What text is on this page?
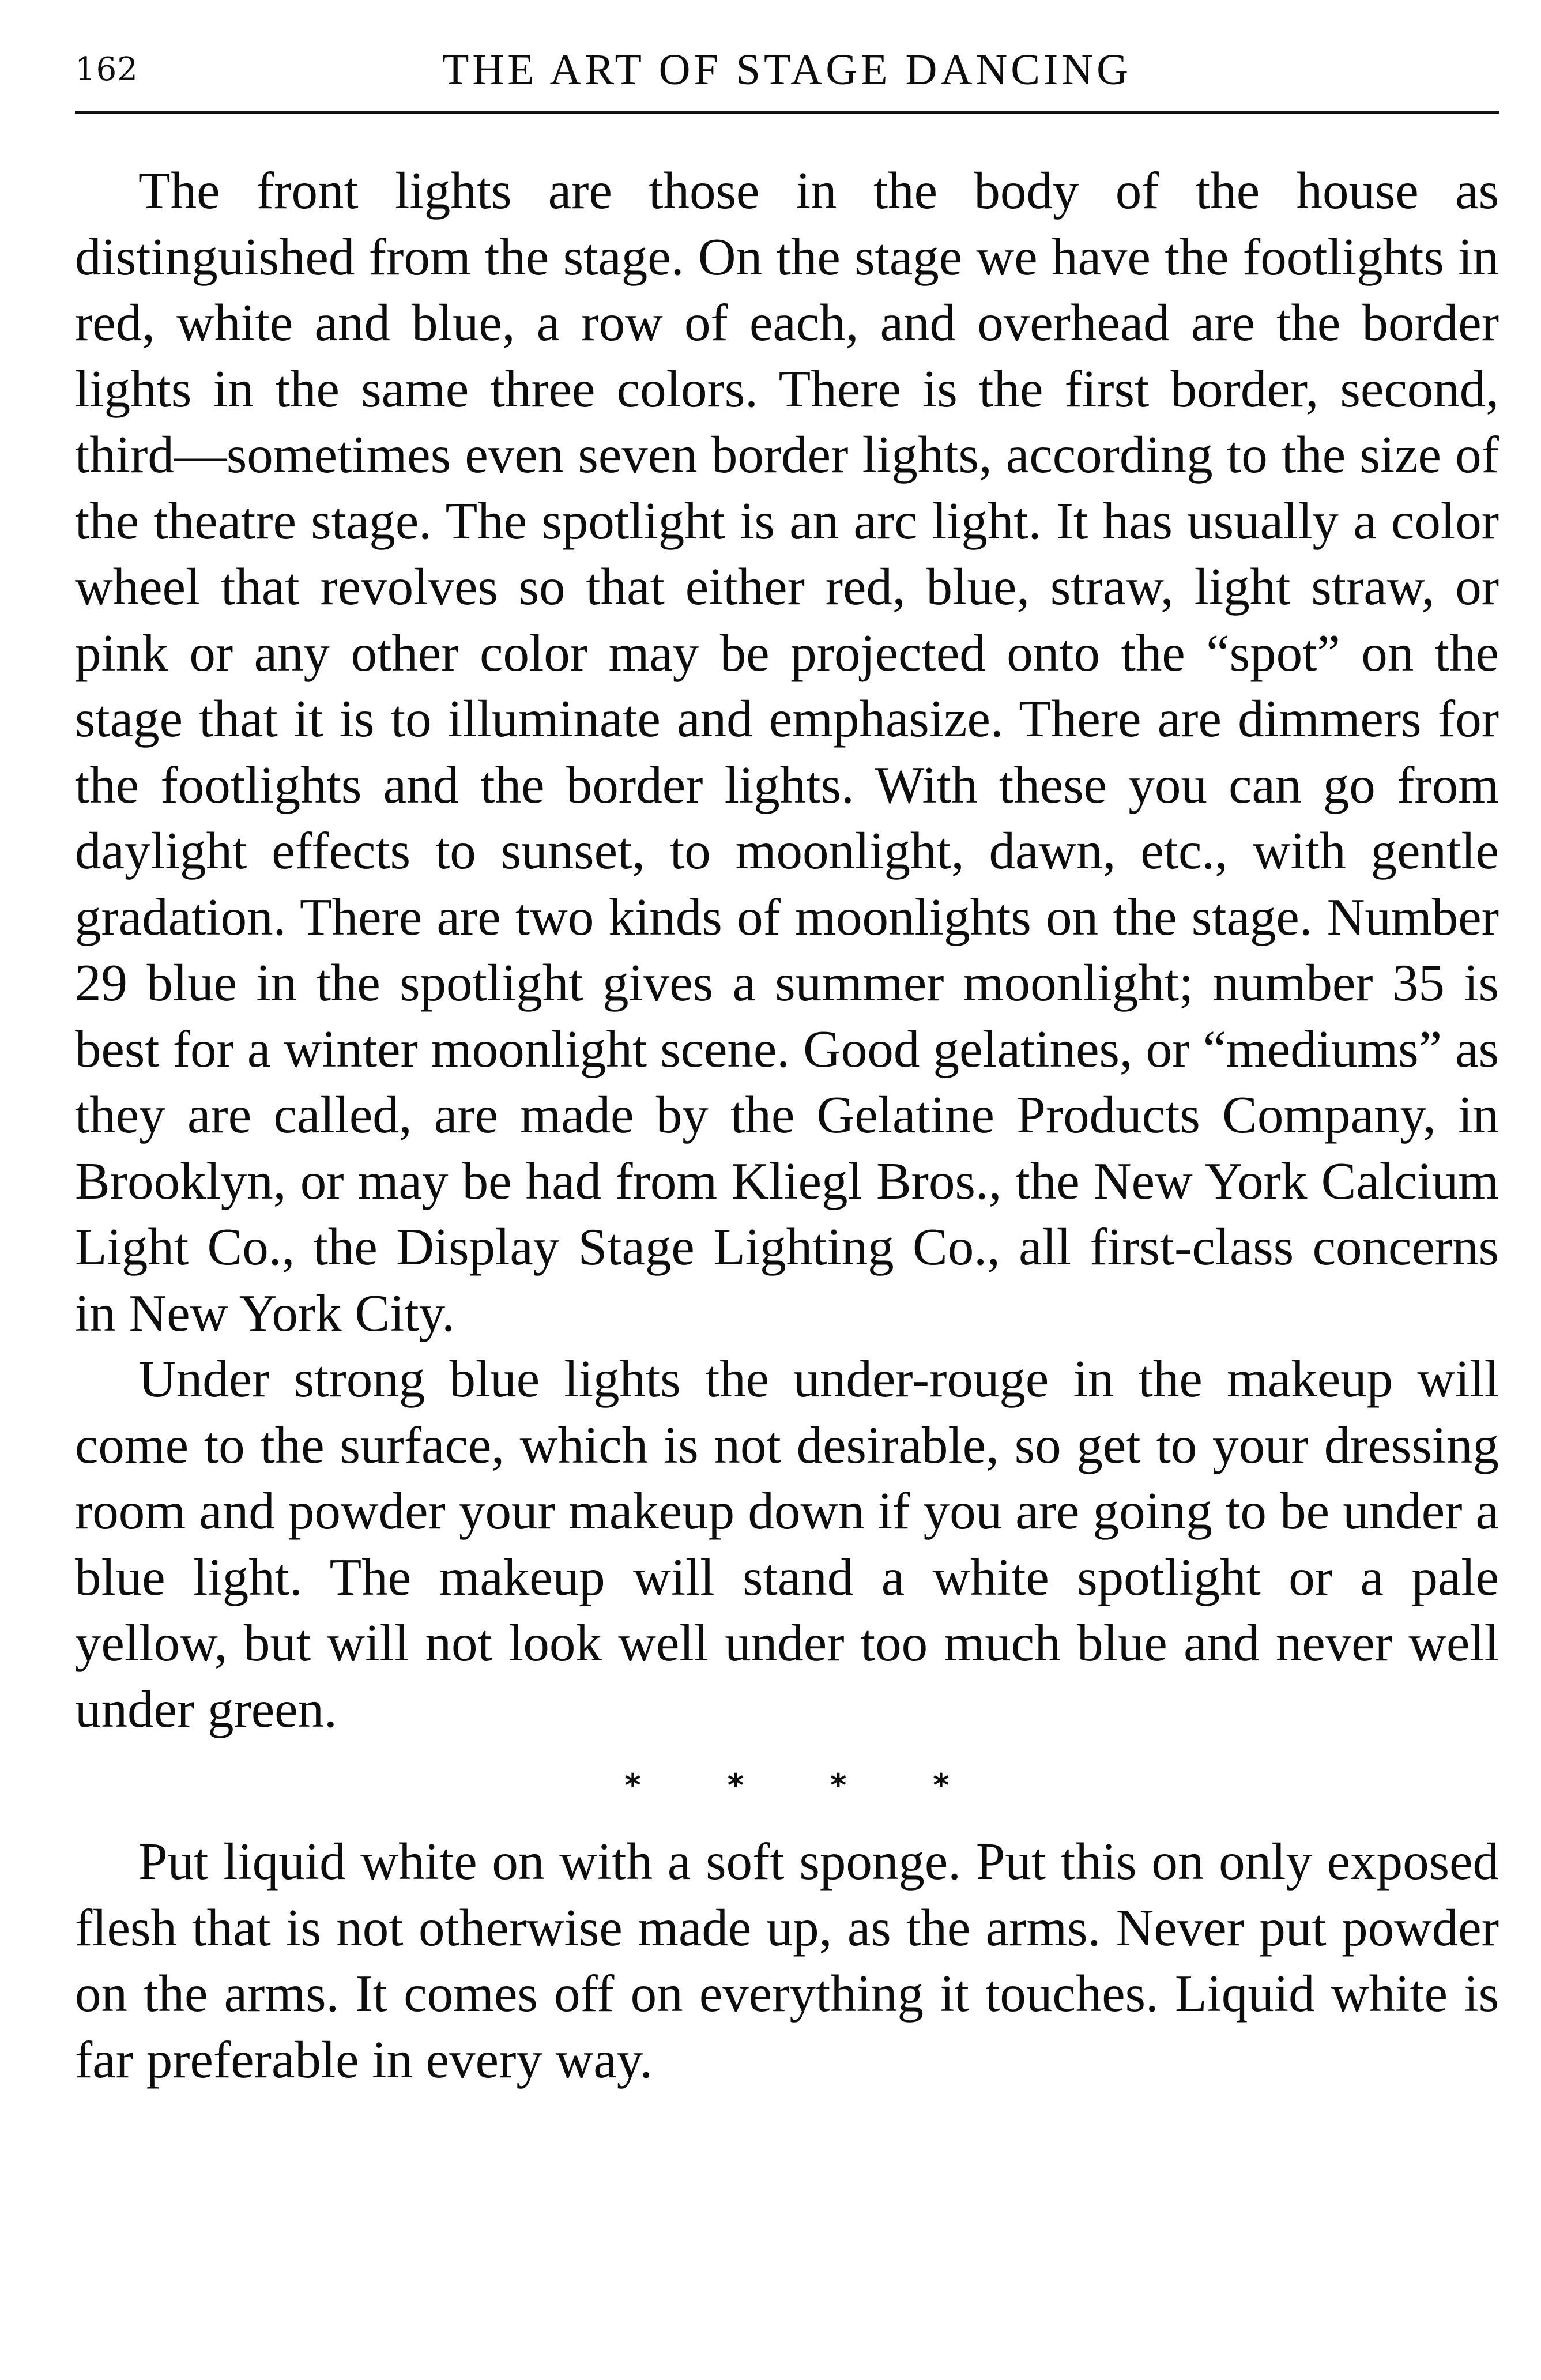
162	THE ART OF STAGE DANCING

The front lights are those in the body of the house as distinguished from the stage. On the stage we have the footlights in red, white and blue, a row of each, and overhead are the border lights in the same three colors. There is the first border, second, third—sometimes even seven border lights, according to the size of the theatre stage. The spotlight is an arc light. It has usually a color wheel that revolves so that either red, blue, straw, light straw, or pink or any other color may be projected onto the “spot” on the stage that it is to illuminate and emphasize. There are dimmers for the footlights and the border lights. With these you can go from daylight effects to sunset, to moonlight, dawn, etc., with gentle gradation. There are two kinds of moonlights on the stage. Number 29 blue in the spotlight gives a summer moonlight; number 35 is best for a winter moonlight scene. Good gelatines, or “mediums” as they are called, are made by the Gelatine Products Company, in Brooklyn, or may be had from Kliegl Bros., the New York Calcium Light Co., the Display Stage Lighting Co., all first-class concerns in New York City.

Under strong blue lights the under-rouge in the makeup will come to the surface, which is not desirable, so get to your dressing room and powder your makeup down if you are going to be under a blue light. The makeup will stand a white spotlight or a pale yellow, but will not look well under too much blue and never well under green.

*	*	*	*

Put liquid white on with a soft sponge. Put this on only exposed flesh that is not otherwise made up, as the arms. Never put powder on the arms. It comes off on everything it touches. Liquid white is far preferable in every way.
